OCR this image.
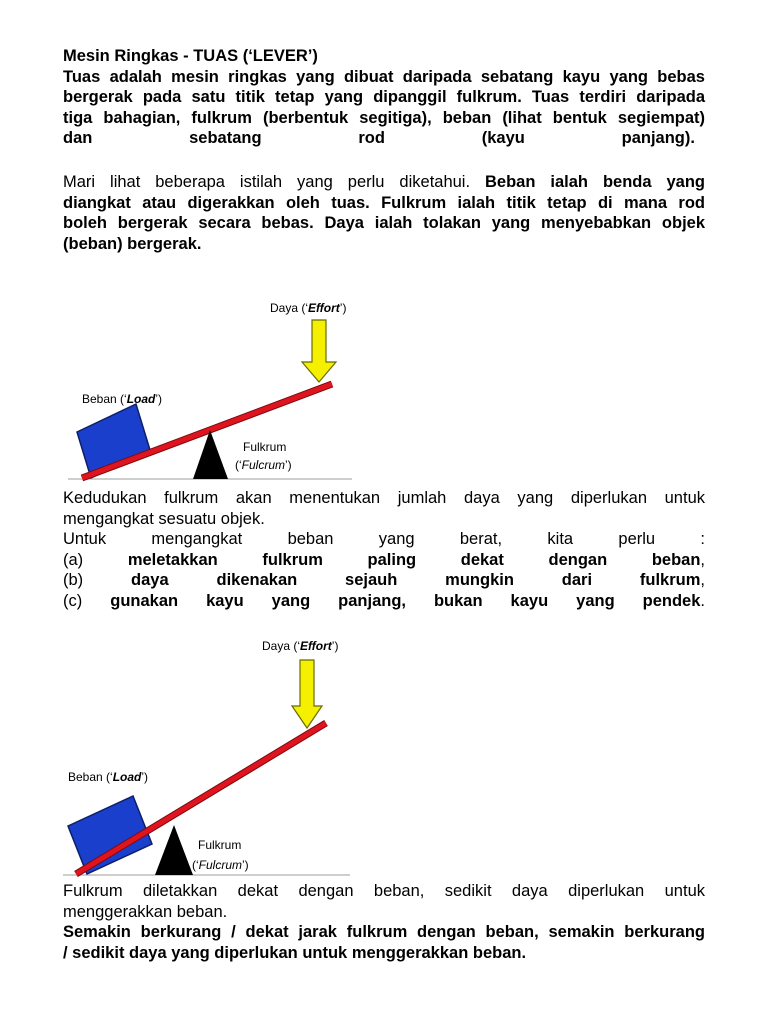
Mesin Ringkas - TUAS (‘LEVER’)
Tuas adalah mesin ringkas yang dibuat daripada sebatang kayu yang bebas
bergerak pada satu titik tetap yang dipanggil fulkrum. Tuas terdiri daripada
tiga bahagian, fulkrum (berbentuk segitiga), beban (lihat bentuk segiempat)
dan	sebatang	rod	(kayu	panjang).
Mari lihat beberapa istilah yang perlu diketahui. Beban ialah benda yang
diangkat atau digerakkan oleh tuas. Fulkrum ialah titik tetap di mana rod
boleh bergerak secara bebas. Daya ialah tolakan yang menyebabkan objek
(beban) bergerak.
Daya (‘Effort’)
Beban (‘Load’)
Fulkrum
(‘Fulcrum’)
Kedudukan fulkrum akan menentukan jumlah daya yang diperlukan untuk
mengangkat sesuatu objek.
Untuk mengangkat beban yang berat, kita perlu :
(a) meletakkan fulkrum paling dekat dengan beban,
(b) daya dikenakan sejauh mungkin dari fulkrum,
(c) gunakan kayu yang panjang, bukan kayu yang pendek.
Daya (‘Effort’)
Beban (‘Load’)
Fulkrum
(‘Fulcrum’)
Fulkrum diletakkan dekat dengan beban, sedikit daya diperlukan untuk
menggerakkan beban.
Semakin berkurang / dekat jarak fulkrum dengan beban, semakin berkurang
/ sedikit daya yang diperlukan untuk menggerakkan beban.
